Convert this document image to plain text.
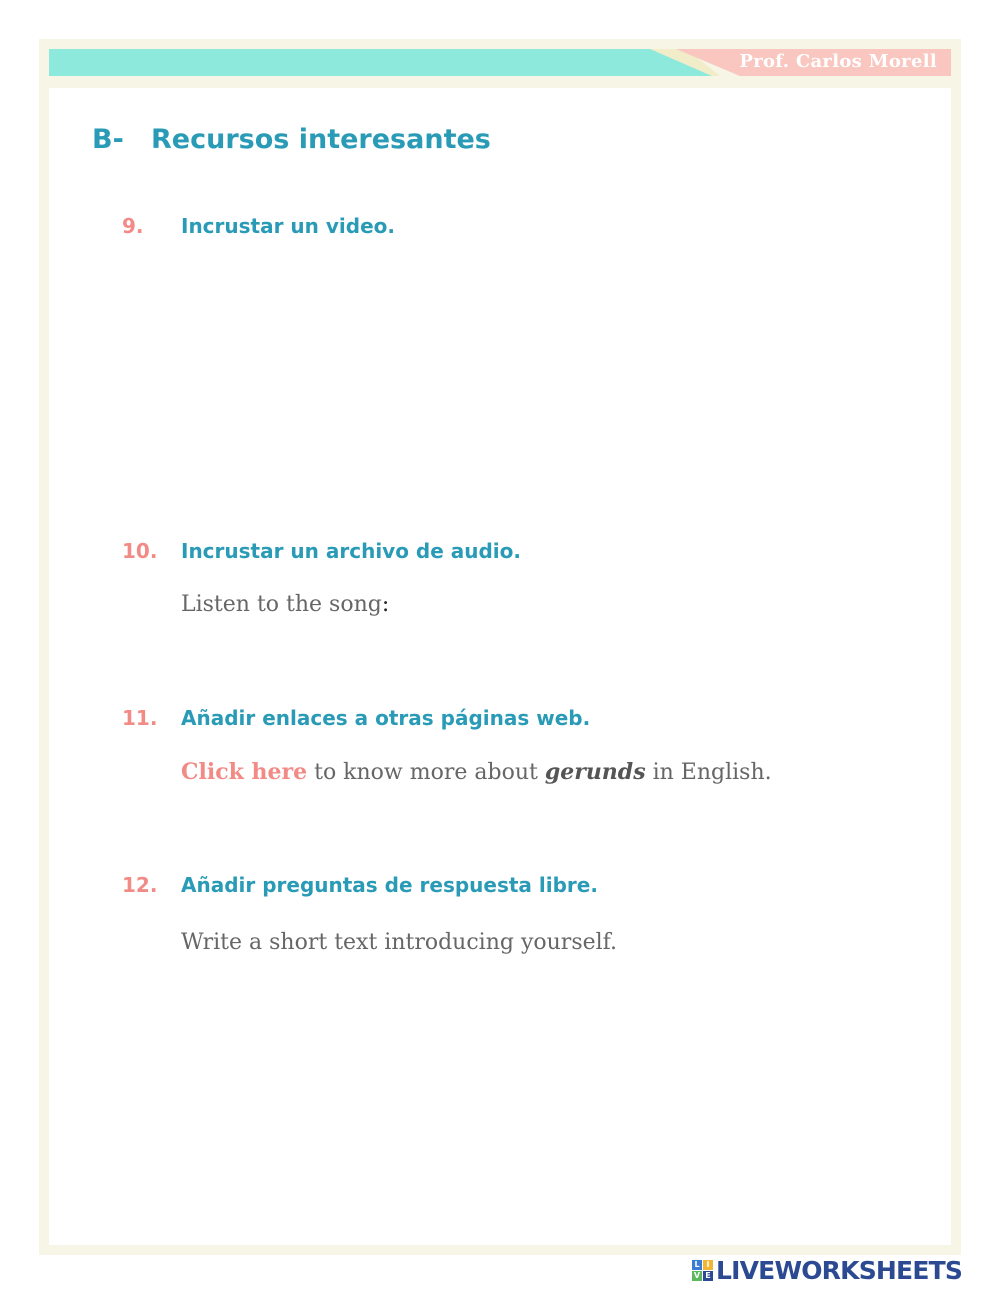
Prof. Carlos Morell
B- Recursos interesantes
9. Incrustar un video.
10. Incrustar un archivo de audio.
Listen to the song:
11. Añadir enlaces a otras páginas web.
Click here to know more about gerunds in English.
12. Añadir preguntas de respuesta libre.
Write a short text introducing yourself.
L I
V E LIVEWORKSHEETS
